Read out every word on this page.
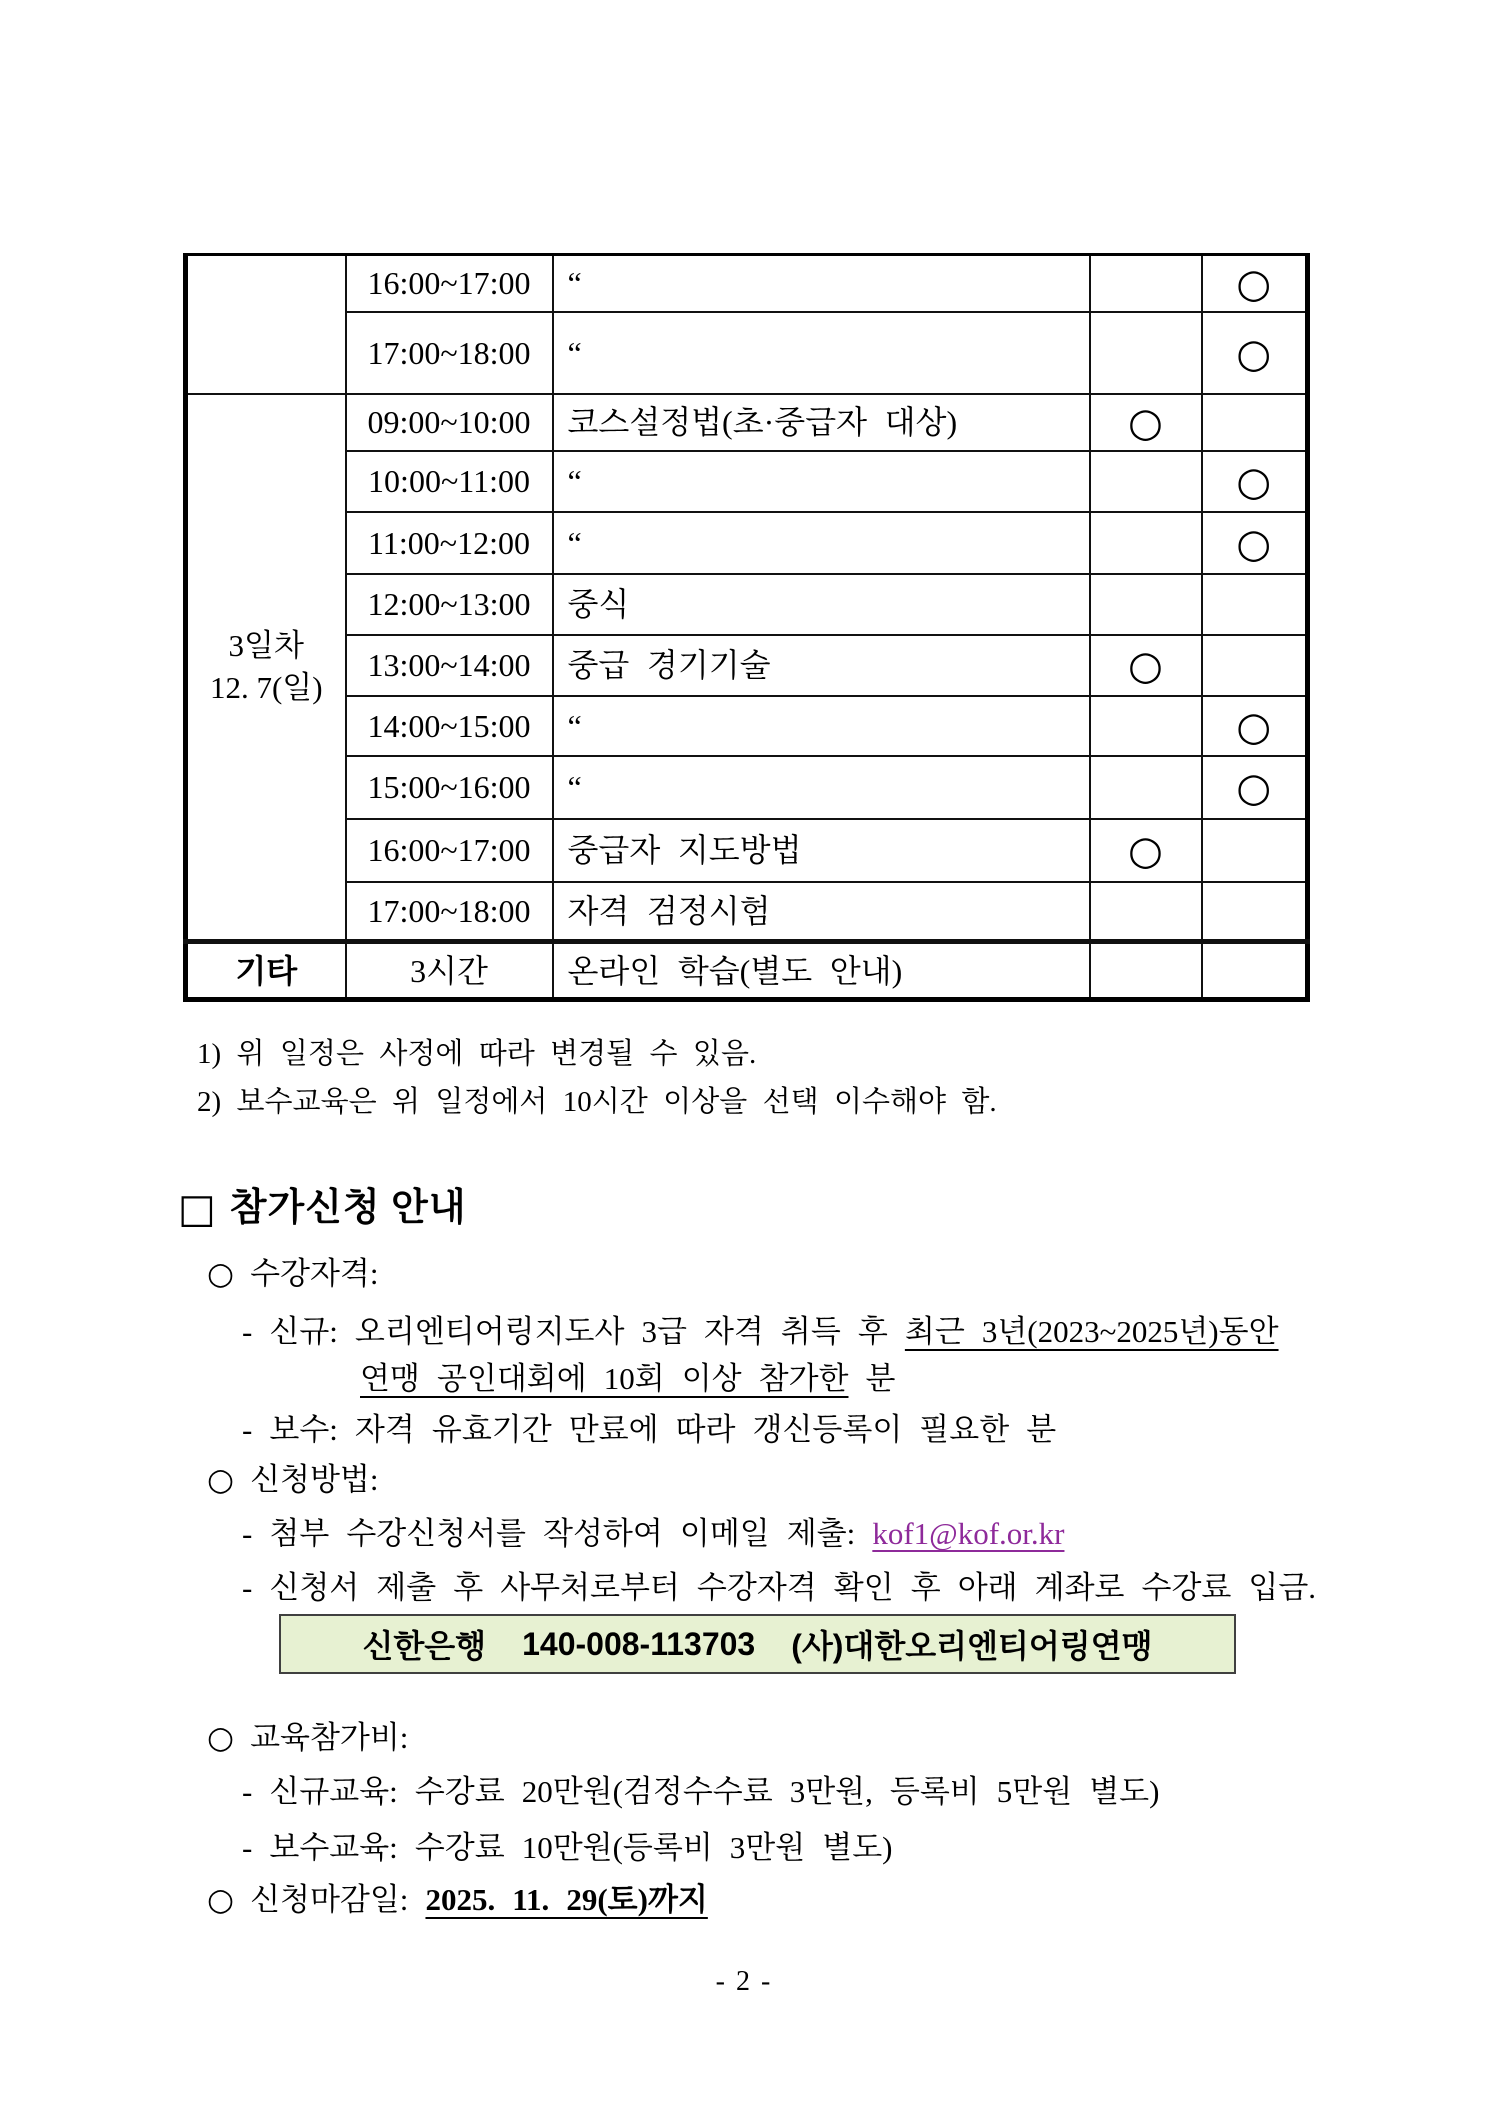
	16:00~17:00	“		○
	17:00~18:00	“		○

3일차
12. 7(일)	09:00~10:00	코스설정법(초·중급자 대상)	○	
	10:00~11:00	“		○
	11:00~12:00	“		○
	12:00~13:00	중식		
	13:00~14:00	중급 경기기술	○	
	14:00~15:00	“		○
	15:00~16:00	“		○
	16:00~17:00	중급자 지도방법	○	
	17:00~18:00	자격 검정시험		
기타	3시간	온라인 학습(별도 안내)		
1) 위 일정은 사정에 따라 변경될 수 있음.
2) 보수교육은 위 일정에서 10시간 이상을 선택 이수해야 함.
□ 참가신청 안내
○ 수강자격:
- 신규: 오리엔티어링지도사 3급 자격 취득 후 최근 3년(2023~2025년)동안
연맹 공인대회에 10회 이상 참가한 분
- 보수: 자격 유효기간 만료에 따라 갱신등록이 필요한 분
○ 신청방법:
- 첨부 수강신청서를 작성하여 이메일 제출: kof1@kof.or.kr
- 신청서 제출 후 사무처로부터 수강자격 확인 후 아래 계좌로 수강료 입금.
신한은행 140-008-113703 (사)대한오리엔티어링연맹
○ 교육참가비:
- 신규교육: 수강료 20만원(검정수수료 3만원, 등록비 5만원 별도)
- 보수교육: 수강료 10만원(등록비 3만원 별도)
○ 신청마감일: 2025. 11. 29(토)까지
- 2 -
